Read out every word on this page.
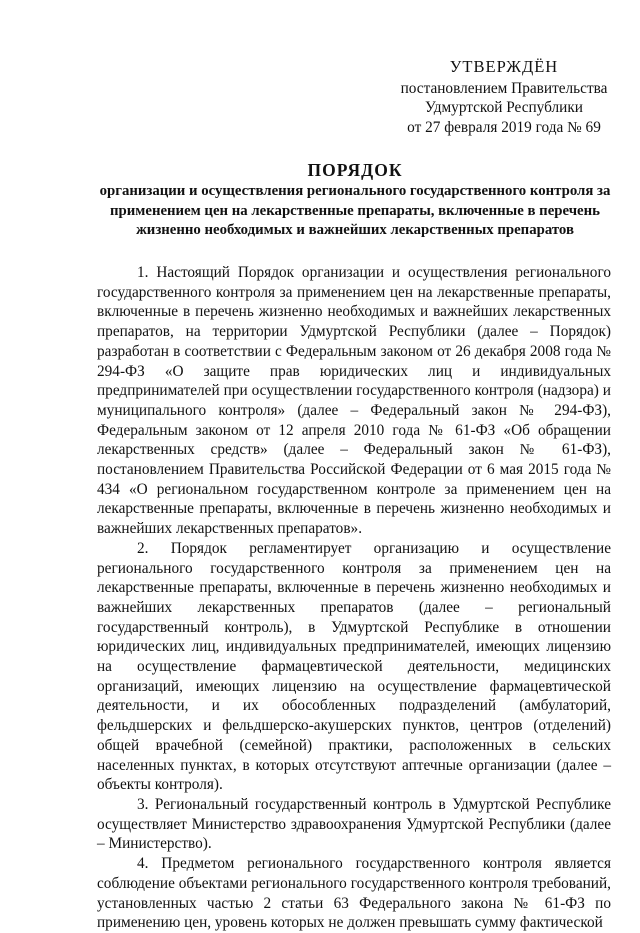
УТВЕРЖДЁН
постановлением Правительства
Удмуртской Республики
от 27 февраля 2019 года № 69
ПОРЯДОК
организации и осуществления регионального государственного контроля за применением цен на лекарственные препараты, включенные в перечень жизненно необходимых и важнейших лекарственных препаратов

1. Настоящий Порядок организации и осуществления регионального государственного контроля за применением цен на лекарственные препараты, включенные в перечень жизненно необходимых и важнейших лекарственных препаратов, на территории Удмуртской Республики (далее – Порядок) разработан в соответствии с Федеральным законом от 26 декабря 2008 года № 294-ФЗ «О защите прав юридических лиц и индивидуальных предпринимателей при осуществлении государственного контроля (надзора) и муниципального контроля» (далее – Федеральный закон № 294-ФЗ), Федеральным законом от 12 апреля 2010 года № 61-ФЗ «Об обращении лекарственных средств» (далее – Федеральный закон № 61-ФЗ), постановлением Правительства Российской Федерации от 6 мая 2015 года № 434 «О региональном государственном контроле за применением цен на лекарственные препараты, включенные в перечень жизненно необходимых и важнейших лекарственных препаратов».

2. Порядок регламентирует организацию и осуществление регионального государственного контроля за применением цен на лекарственные препараты, включенные в перечень жизненно необходимых и важнейших лекарственных препаратов (далее – региональный государственный контроль), в Удмуртской Республике в отношении юридических лиц, индивидуальных предпринимателей, имеющих лицензию на осуществление фармацевтической деятельности, медицинских организаций, имеющих лицензию на осуществление фармацевтической деятельности, и их обособленных подразделений (амбулаторий, фельдшерских и фельдшерско-акушерских пунктов, центров (отделений) общей врачебной (семейной) практики, расположенных в сельских населенных пунктах, в которых отсутствуют аптечные организации (далее – объекты контроля).

3. Региональный государственный контроль в Удмуртской Республике осуществляет Министерство здравоохранения Удмуртской Республики (далее – Министерство).

4. Предметом регионального государственного контроля является соблюдение объектами регионального государственного контроля требований, установленных частью 2 статьи 63 Федерального закона № 61-ФЗ по применению цен, уровень которых не должен превышать сумму фактической
